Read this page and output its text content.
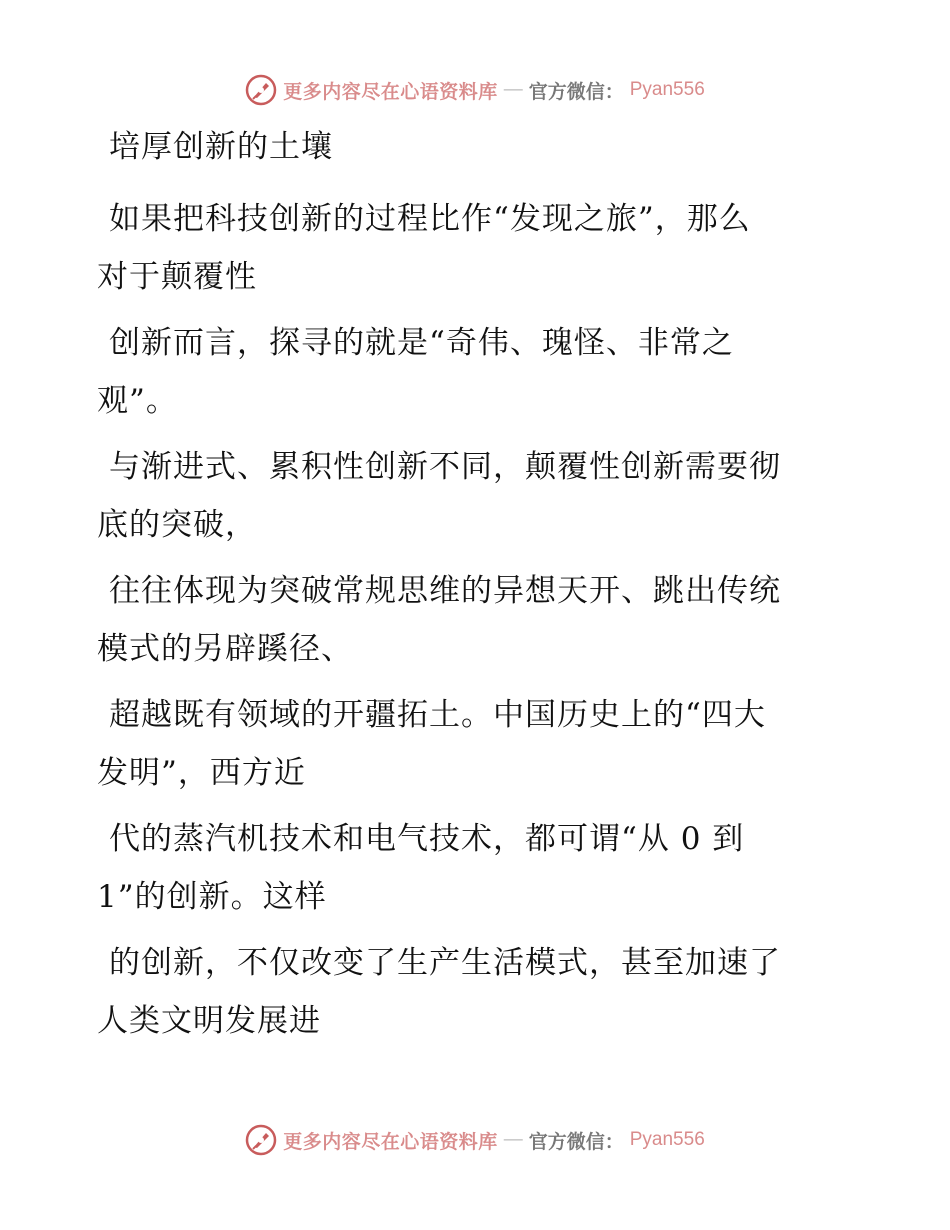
更多内容尽在心语资料库 — 官方微信： Pyan556

培厚创新的土壤

如果把科技创新的过程比作“发现之旅”，那么
对于颠覆性

创新而言，探寻的就是“奇伟、瑰怪、非常之
观”。

与渐进式、累积性创新不同，颠覆性创新需要彻
底的突破，

往往体现为突破常规思维的异想天开、跳出传统
模式的另辟蹊径、

超越既有领域的开疆拓土。中国历史上的“四大
发明”，西方近

代的蒸汽机技术和电气技术，都可谓“从 0 到
1”的创新。这样

的创新，不仅改变了生产生活模式，甚至加速了
人类文明发展进

更多内容尽在心语资料库 — 官方微信： Pyan556
